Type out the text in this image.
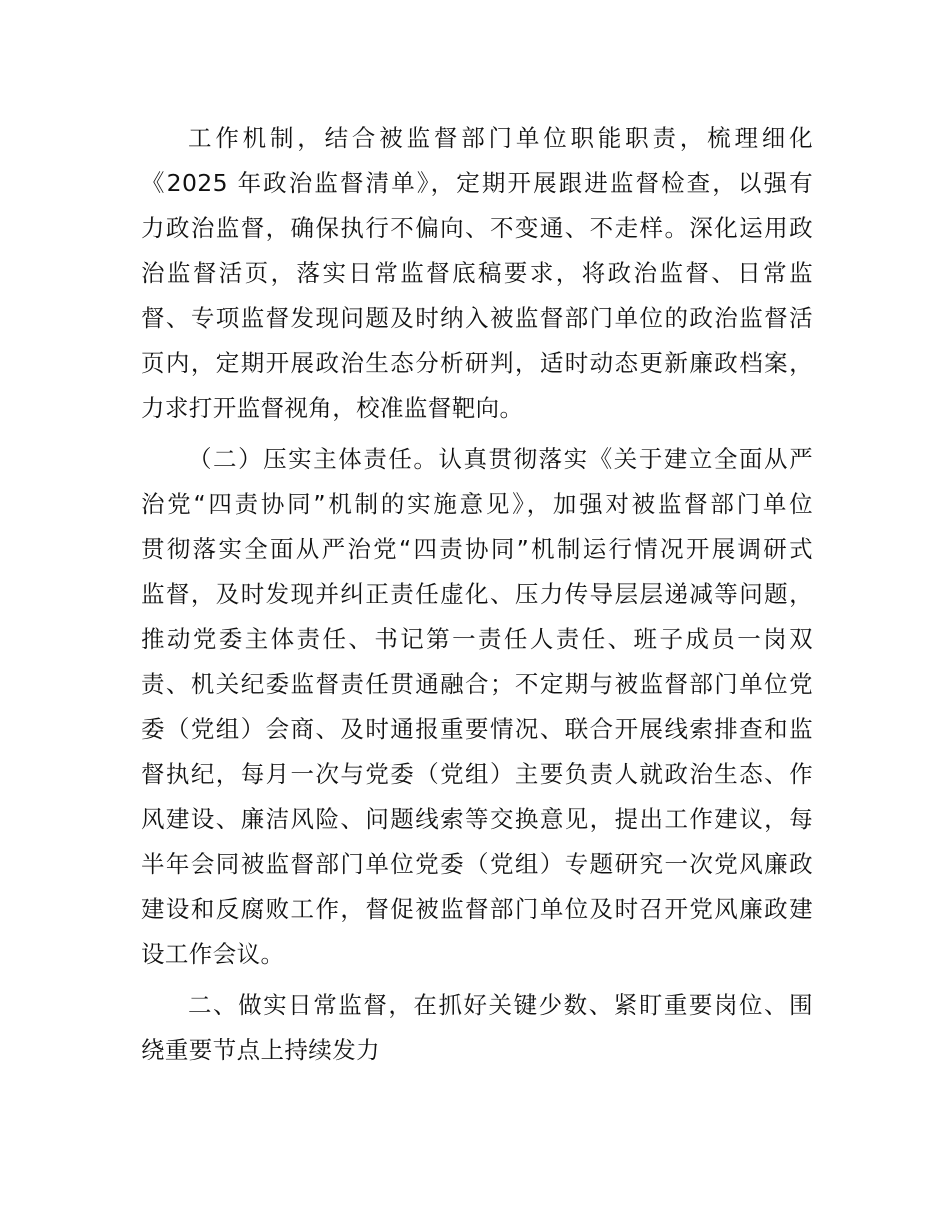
工作机制，结合被监督部门单位职能职责，梳理细化
《2025 年政治监督清单》，定期开展跟进监督检查，以强有
力政治监督，确保执行不偏向、不变通、不走样。深化运用政
治监督活页，落实日常监督底稿要求，将政治监督、日常监
督、专项监督发现问题及时纳入被监督部门单位的政治监督活
页内，定期开展政治生态分析研判，适时动态更新廉政档案，
力求打开监督视角，校准监督靶向。

（二）压实主体责任。认真贯彻落实《关于建立全面从严
治党“四责协同”机制的实施意见》，加强对被监督部门单位
贯彻落实全面从严治党“四责协同”机制运行情况开展调研式
监督，及时发现并纠正责任虚化、压力传导层层递减等问题，
推动党委主体责任、书记第一责任人责任、班子成员一岗双
责、机关纪委监督责任贯通融合；不定期与被监督部门单位党
委（党组）会商、及时通报重要情况、联合开展线索排查和监
督执纪，每月一次与党委（党组）主要负责人就政治生态、作
风建设、廉洁风险、问题线索等交换意见，提出工作建议，每
半年会同被监督部门单位党委（党组）专题研究一次党风廉政
建设和反腐败工作，督促被监督部门单位及时召开党风廉政建
设工作会议。

二、做实日常监督，在抓好关键少数、紧盯重要岗位、围
绕重要节点上持续发力
